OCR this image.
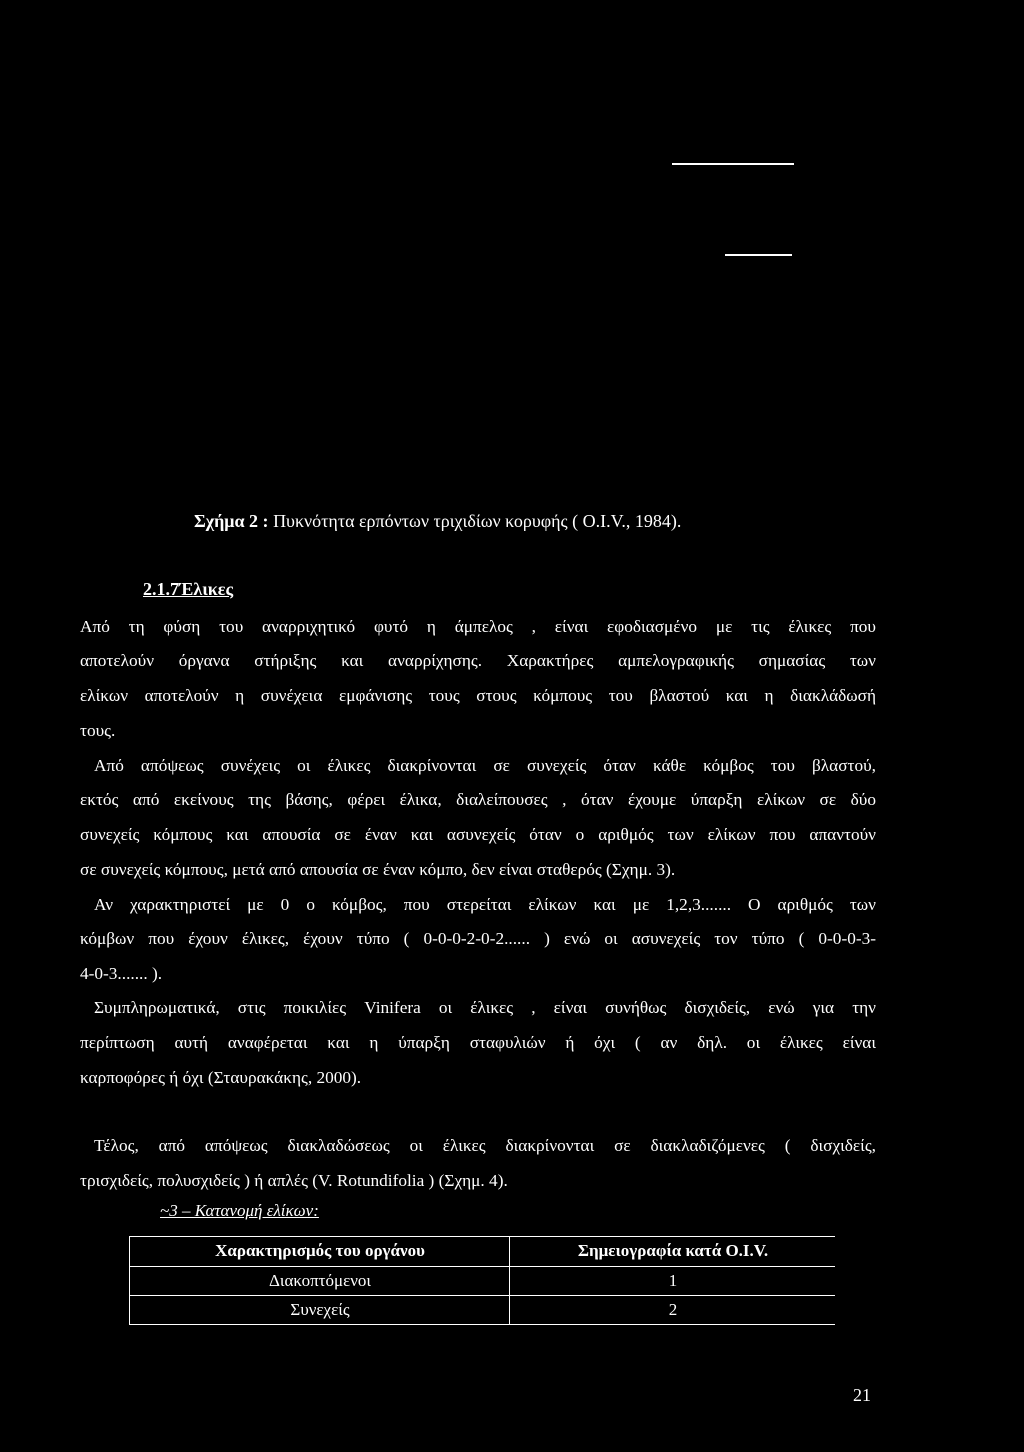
Σχήμα 2 : Πυκνότητα ερπόντων τριχιδίων κορυφής ( O.I.V., 1984).
2.1.7Έλικες
Από τη φύση του αναρριχητικό φυτό η άμπελος , είναι εφοδιασμένο με τις έλικες που
αποτελούν όργανα στήριξης και αναρρίχησης. Χαρακτήρες αμπελογραφικής σημασίας των
ελίκων αποτελούν η συνέχεια εμφάνισης τους στους κόμπους του βλαστού και η διακλάδωσή
τους.
Από απόψεως συνέχεις οι έλικες διακρίνονται σε συνεχείς όταν κάθε κόμβος του βλαστού,
εκτός από εκείνους της βάσης, φέρει έλικα, διαλείπουσες , όταν έχουμε ύπαρξη ελίκων σε δύο
συνεχείς κόμπους και απουσία σε έναν και ασυνεχείς όταν ο αριθμός των ελίκων που απαντούν
σε συνεχείς κόμπους, μετά από απουσία σε έναν κόμπο, δεν είναι σταθερός (Σχημ. 3).
Αν χαρακτηριστεί με 0 ο κόμβος, που στερείται ελίκων και με 1,2,3....... Ο αριθμός των
κόμβων που έχουν έλικες, έχουν τύπο ( 0-0-0-2-0-2...... ) ενώ οι ασυνεχείς τον τύπο ( 0-0-0-3-
4-0-3....... ).
Συμπληρωματικά, στις ποικιλίες Vinifera οι έλικες , είναι συνήθως δισχιδείς, ενώ για την
περίπτωση αυτή αναφέρεται και η ύπαρξη σταφυλιών ή όχι ( αν δηλ. οι έλικες είναι
καρποφόρες ή όχι (Σταυρακάκης, 2000).
Τέλος, από απόψεως διακλαδώσεως οι έλικες διακρίνονται σε διακλαδιζόμενες ( δισχιδείς,
τρισχιδείς, πολυσχιδείς ) ή απλές (V. Rotundifolia ) (Σχημ. 4).
~3 – Κατανομή ελίκων:
Χαρακτηρισμός του οργάνου	Σημειογραφία κατά O.I.V.
Διακοπτόμενοι	1
Συνεχείς	2
21
